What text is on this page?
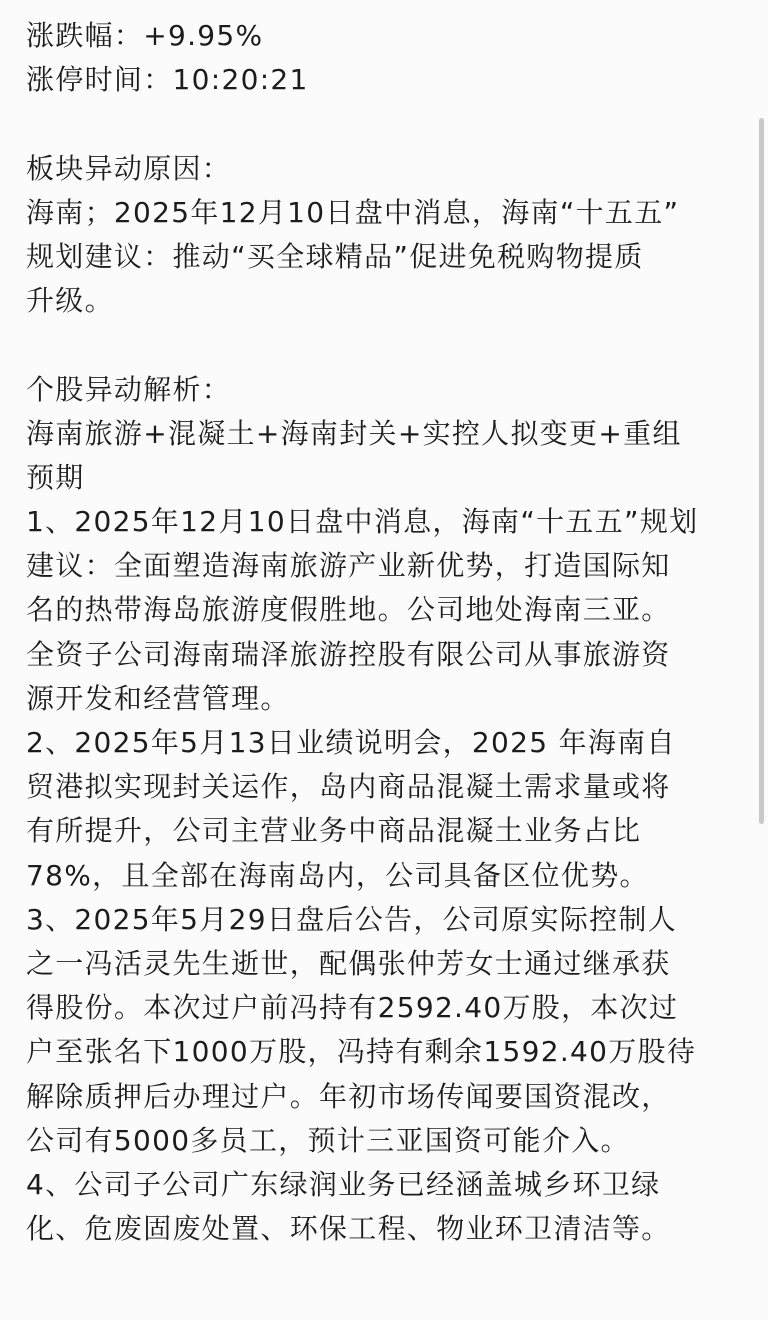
涨跌幅：+9.95%
涨停时间：10:20:21
板块异动原因：
海南；2025年12月10日盘中消息，海南“十五五”
规划建议：推动“买全球精品”促进免税购物提质
升级。
个股异动解析：
海南旅游+混凝土+海南封关+实控人拟变更+重组
预期
1、2025年12月10日盘中消息，海南“十五五”规划
建议：全面塑造海南旅游产业新优势，打造国际知
名的热带海岛旅游度假胜地。公司地处海南三亚。
全资子公司海南瑞泽旅游控股有限公司从事旅游资
源开发和经营管理。
2、2025年5月13日业绩说明会，2025 年海南自
贸港拟实现封关运作，岛内商品混凝土需求量或将
有所提升，公司主营业务中商品混凝土业务占比
78%，且全部在海南岛内，公司具备区位优势。
3、2025年5月29日盘后公告，公司原实际控制人
之一冯活灵先生逝世，配偶张仲芳女士通过继承获
得股份。本次过户前冯持有2592.40万股，本次过
户至张名下1000万股，冯持有剩余1592.40万股待
解除质押后办理过户。年初市场传闻要国资混改，
公司有5000多员工，预计三亚国资可能介入。
4、公司子公司广东绿润业务已经涵盖城乡环卫绿
化、危废固废处置、环保工程、物业环卫清洁等。
